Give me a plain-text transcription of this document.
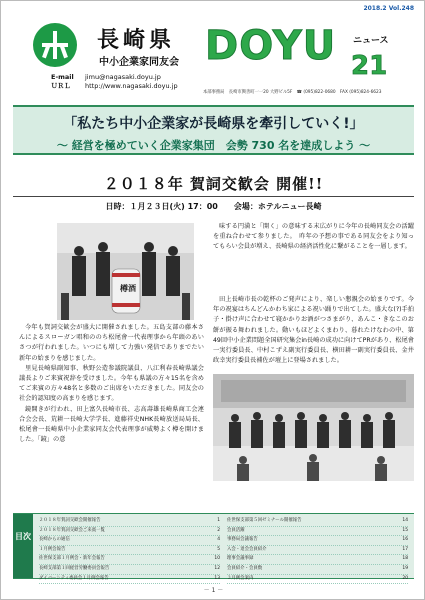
2018.2 Vol.248
長崎県
中小企業家同友会
E-mail jimu@nagasaki.doyu.jp
ＵＲＬ http://www.nagasaki.doyu.jp
DOYU ニュース
21
本部事務局　長崎市興善町一一20 大野ビル5F　☎ (095)822-0680　FAX (095)824-6623
「私たち中小企業家が長崎県を牽引していく!」
～ 経営を極めていく企業家集団　会勢 730 名を達成しよう ～
２０１８年 賀詞交歓会 開催!!
日時：１月２３日(火) 17：00　　会場：ホテルニュー長崎
樽酒

今年も賀詞交歓会が盛大に開催されました。五島支部の藤本さんによるスローガン唱和ののち松尾會一代表理事から年頭のあいさつが行われました。いつにも増して力強い発信でありまでたい新年の始まりを感じました。

里見長崎県副知事、秋野公造参議院議員、八江利春長崎県議会議長よりご来賓祝辞を受けました。今年も県議の方々15名を含めてご来賓の方々48名と多数のご出席をいただきました。同友会の社会的認知度の高まりを感じます。

鏡開きが行われ、田上富久長崎市長、志高壽雄長崎県商工会連合会会長、荒耕一長崎大学学長、進藤祥史NHK長崎放送局局長、松尾會一長崎県中小企業家同友会代表理事が威勢よく樽を開けました。「鏡」の意

味する円満と「開く」の意味する末広がりに今年の長崎同友会の活躍を重ね合わせて参りました。　昨年の予想の事である同友会をより知ってもらい会員が増え、長崎県の経済活性化に繋がることを一層します。

田上長崎市長の乾杯のご発声により、楽しい懇親会の始まりです。今年の祝宴はちんどんかわち家による祝い踊りで出てした。盛大な(?)手拍子・掛け声に合わせて寝かかりお酒がつさまがり、あんこ・きなこのお餅が振る舞われました。動いもほどよくまわり、暮れたけなわの中、第49回中小企業問題全国研究集会in長崎の成功に向けてPRがあり、松尾會一実行委員長、中村こずえ副実行委員長、横田耕一副実行委員長、金井政幸実行委員長補佐が壇上に登場されました。

目次
２０１８年賀詞交歓会開催報告	1
２０１８年賀詞交歓会ご来賓一覧	2
長崎からの通信	4
１月例会報告	5
佐世保支部１月例会・新年会報告	10
長崎支部第１回経営労働委員会報告	12
ダイバーシティ委員会１月例会報告	13
佐世保支部第５回ゼミナール開催報告	14
会員活躍	15
事務局会議報告	16
入会・退会会員紹介	17
理事会議事録	18
会員紹介・会員数	19
３月例会案内	20
－ 1 －
